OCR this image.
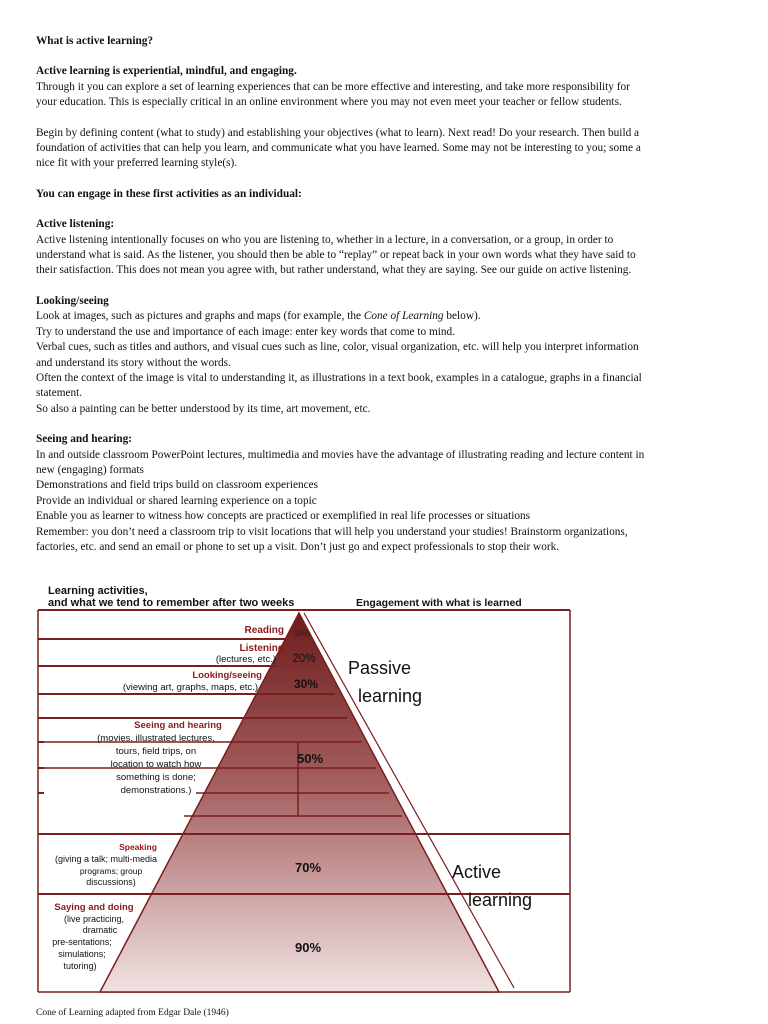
What is active learning?

Active learning is experiential, mindful, and engaging.

Through it you can explore a set of learning experiences that can be more effective and interesting, and take more responsibility for

your education. This is especially critical in an online environment where you may not even meet your teacher or fellow students.

Begin by defining content (what to study) and establishing your objectives (what to learn). Next read! Do your research. Then build a

foundation of activities that can help you learn, and communicate what you have learned. Some may not be interesting to you; some a

nice fit with your preferred learning style(s).

You can engage in these first activities as an individual:

Active listening:

Active listening intentionally focuses on who you are listening to, whether in a lecture, in a conversation, or a group, in order to

understand what is said. As the listener, you should then be able to “replay” or repeat back in your own words what they have said to

their satisfaction. This does not mean you agree with, but rather understand, what they are saying. See our guide on active listening.

Looking/seeing

Look at images, such as pictures and graphs and maps (for example, the Cone of Learning below).

Try to understand the use and importance of each image: enter key words that come to mind.

Verbal cues, such as titles and authors, and visual cues such as line, color, visual organization, etc. will help you interpret information

and understand its story without the words.

Often the context of the image is vital to understanding it, as illustrations in a text book, examples in a catalogue, graphs in a financial

statement.

So also a painting can be better understood by its time, art movement, etc.

Seeing and hearing:

In and outside classroom PowerPoint lectures, multimedia and movies have the advantage of illustrating reading and lecture content in

new (engaging) formats

Demonstrations and field trips build on classroom experiences

Provide an individual or shared learning experience on a topic

Enable you as learner to witness how concepts are practiced or exemplified in real life processes or situations

Remember: you don’t need a classroom trip to visit locations that will help you understand your studies! Brainstorm organizations,

factories, etc. and send an email or phone to set up a visit. Don’t just go and expect professionals to stop their work.

Learning activities,
and what we tend to remember after two weeks	Engagement with what is learned
Reading 10%
Listening
(lectures, etc.) 20%
Looking/seeing
(viewing art, graphs, maps, etc.)	30%
Seeing and hearing
(movies, illustrated lectures,
tours, field trips, on
location to watch how
something is done;
demonstrations.)
50%
Passive
learning
Speaking
(giving a talk; multi-media
programs; group
discussions)
70%	Active
learning
Saying and doing
(live practicing,
dramatic
pre-sentations;
simulations;
tutoring)
90%
Cone of Learning adapted from Edgar Dale (1946)
